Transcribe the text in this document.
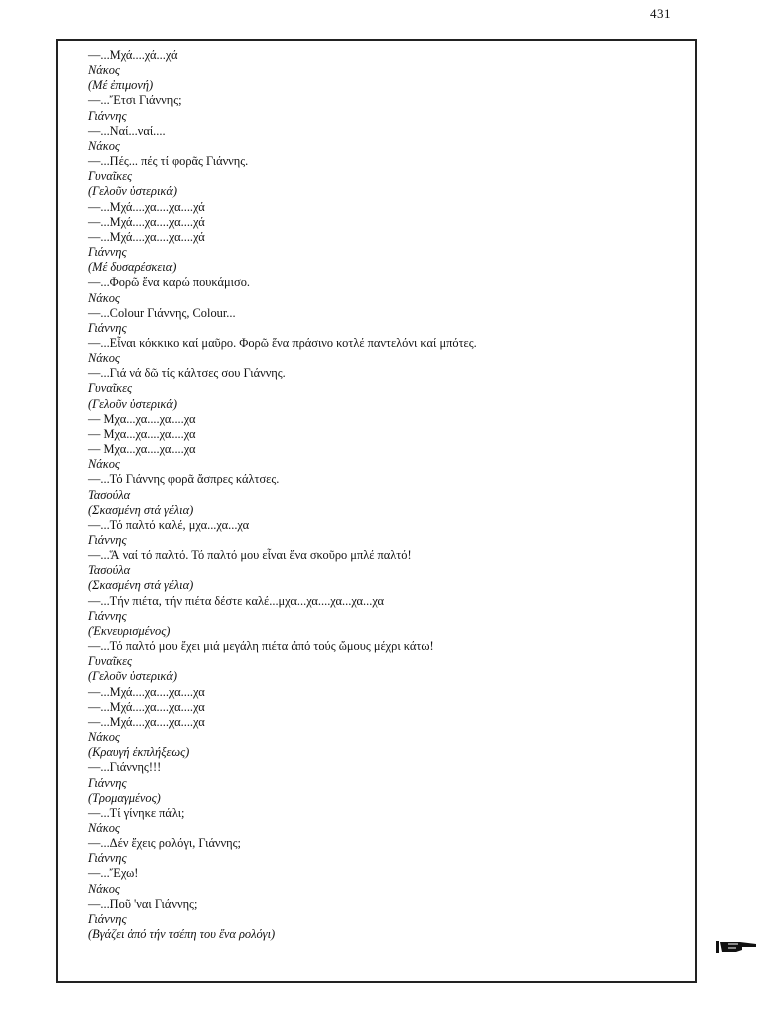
431
—...Μχά....χά...χά
Νάκος
(Μέ ἐπιμονή)
—...Ἔτσι Γιάννης;
Γιάννης
—...Ναί...ναί....
Νάκος
—...Πές... πές τί φορᾶς Γιάννης.
Γυναῖκες
(Γελοῦν ὑστερικά)
—...Μχά....χα....χα....χά
—...Μχά....χα....χα....χά
—...Μχά....χα....χα....χά
Γιάννης
(Μέ δυσαρέσκεια)
—...Φορῶ ἕνα καρώ πουκάμισο.
Νάκος
—...Colour Γιάννης, Colour...
Γιάννης
—...Εἶναι κόκκικο καί μαῦρο. Φορῶ ἕνα πράσινο κοτλέ παντελόνι καί μπότες.
Νάκος
—...Γιά νά δῶ τίς κάλτσες σου Γιάννης.
Γυναῖκες
(Γελοῦν ὑστερικά)
— Μχα...χα....χα....χα
— Μχα...χα....χα....χα
— Μχα...χα....χα....χα
Νάκος
—...Τό Γιάννης φορᾶ ἄσπρες κάλτσες.
Τασούλα
(Σκασμένη στά γέλια)
—...Τό παλτό καλέ, μχα...χα...χα
Γιάννης
—...Ἅ ναί τό παλτό. Τό παλτό μου εἶναι ἕνα σκοῦρο μπλέ παλτό!
Τασούλα
(Σκασμένη στά γέλια)
—...Τήν πιέτα, τήν πιέτα δέστε καλέ...μχα...χα....χα...χα...χα
Γιάννης
(Ἐκνευρισμένος)
—...Τό παλτό μου ἔχει μιά μεγάλη πιέτα ἀπό τούς ὤμους μέχρι κάτω!
Γυναῖκες
(Γελοῦν ὑστερικά)
—...Μχά....χα....χα....χα
—...Μχά....χα....χα....χα
—...Μχά....χα....χα....χα
Νάκος
(Κραυγή ἐκπλήξεως)
—...Γιάννης!!!
Γιάννης
(Τρομαγμένος)
—...Τί γίνηκε πάλι;
Νάκος
—...Δέν ἔχεις ρολόγι, Γιάννης;
Γιάννης
—...Ἔχω!
Νάκος
—...Ποῦ 'ναι Γιάννης;
Γιάννης
(Βγάζει ἀπό τήν τσέπη του ἕνα ρολόγι)
